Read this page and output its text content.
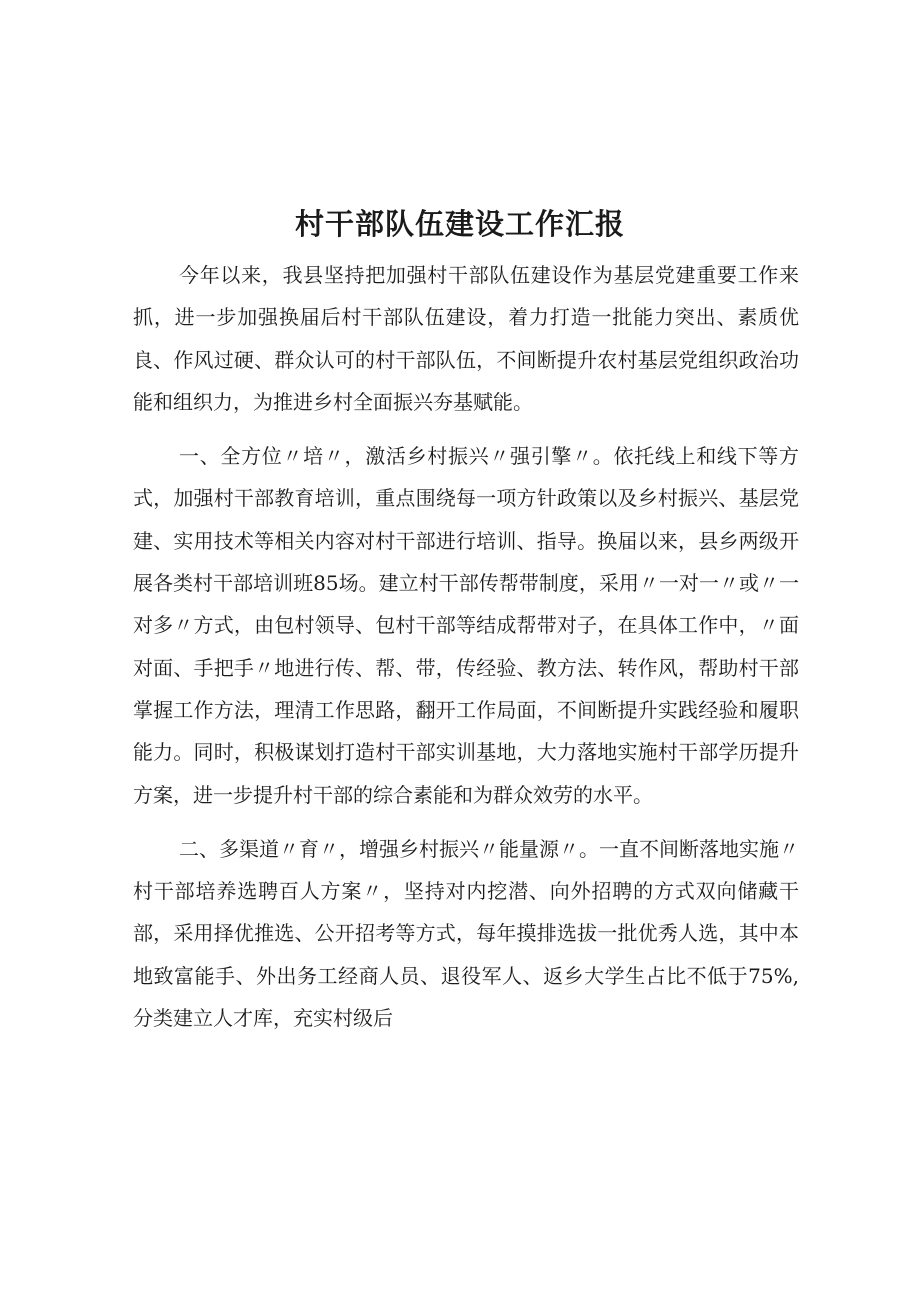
村干部队伍建设工作汇报

今年以来，我县坚持把加强村干部队伍建设作为基层党建重要工作来抓，进一步加强换届后村干部队伍建设，着力打造一批能力突出、素质优良、作风过硬、群众认可的村干部队伍，不间断提升农村基层党组织政治功能和组织力，为推进乡村全面振兴夯基赋能。

一、全方位〃培〃，激活乡村振兴〃强引擎〃。依托线上和线下等方式，加强村干部教育培训，重点围绕每一项方针政策以及乡村振兴、基层党建、实用技术等相关内容对村干部进行培训、指导。换届以来，县乡两级开展各类村干部培训班85场。建立村干部传帮带制度，采用〃一对一〃或〃一对多〃方式，由包村领导、包村干部等结成帮带对子，在具体工作中，〃面对面、手把手〃地进行传、帮、带，传经验、教方法、转作风，帮助村干部掌握工作方法，理清工作思路，翻开工作局面，不间断提升实践经验和履职能力。同时，积极谋划打造村干部实训基地，大力落地实施村干部学历提升方案，进一步提升村干部的综合素能和为群众效劳的水平。

二、多渠道〃育〃，增强乡村振兴〃能量源〃。一直不间断落地实施〃村干部培养选聘百人方案〃，坚持对内挖潜、向外招聘的方式双向储藏干部，采用择优推选、公开招考等方式，每年摸排选拔一批优秀人选，其中本地致富能手、外出务工经商人员、退役军人、返乡大学生占比不低于75%,分类建立人才库，充实村级后
